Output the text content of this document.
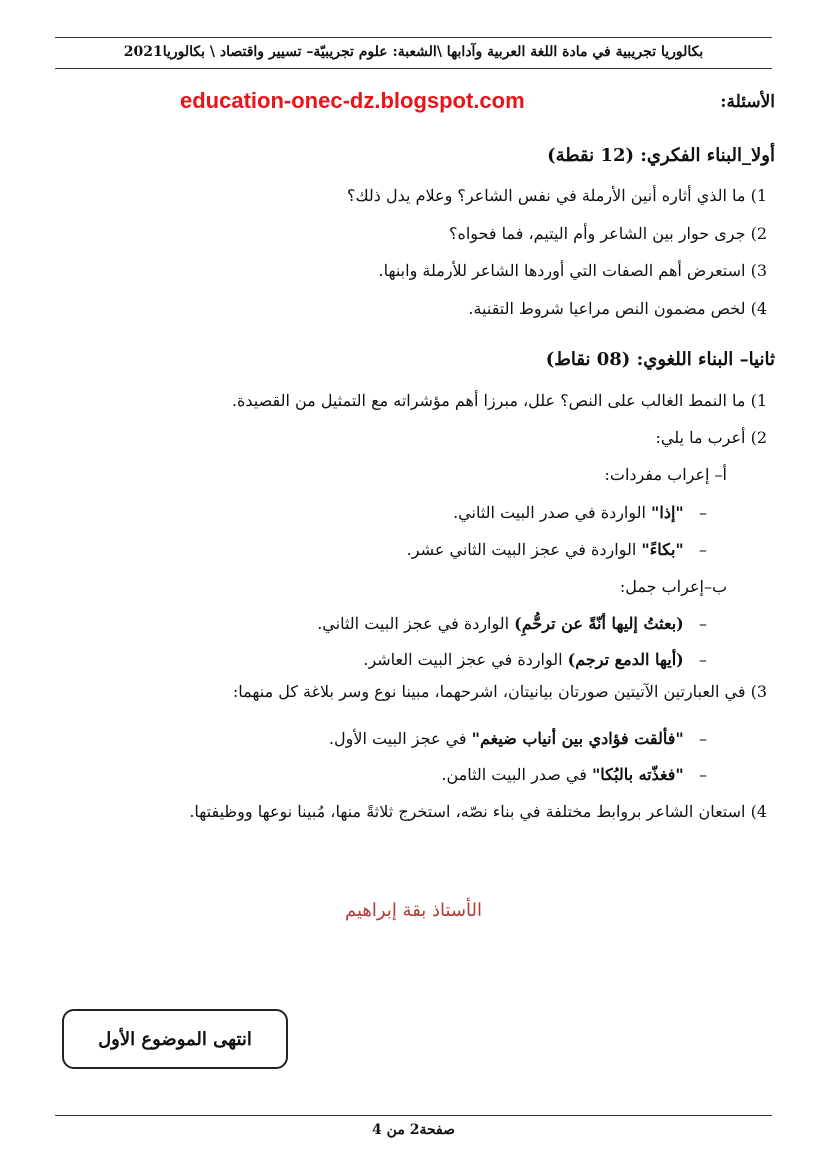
بكالوريا تجريبية في مادة اللغة العربية وآدابها \الشعبة: علوم تجريبيّة– تسيير واقتصاد \ بكالوريا2021
education-onec-dz.blogspot.com	الأسئلة:
أولا_البناء الفكري: (12 نقطة)
1) ما الذي أثاره أنين الأرملة في نفس الشاعر؟ وعلام يدل ذلك؟
2) جرى حوار بين الشاعر وأم اليتيم، فما فحواه؟
3) استعرض أهم الصفات التي أوردها الشاعر للأرملة وابنها.
4) لخص مضمون النص مراعيا شروط التقنية.
ثانيا– البناء اللغوي: (08 نقاط)
1) ما النمط الغالب على النص؟ علل، مبرزا أهم مؤشراته مع التمثيل من القصيدة.
2) أعرب ما يلي:
أ– إعراب مفردات:
–   "إذا" الواردة في صدر البيت الثاني.
–   "بكاءً" الواردة في عجز البيت الثاني عشر.
ب–إعراب جمل:
–   (بعثتُ إليها أنّةً عن ترحُّمِ) الواردة في عجز البيت الثاني.
–   (أيها الدمع ترجم) الواردة في عجز البيت العاشر.
3) في العبارتين الآتيتين صورتان بيانيتان، اشرحهما، مبينا نوع وسر بلاغة كل منهما:
–   "فألقت فؤادي بين أنياب ضيغم" في عجز البيت الأول.
–   "فغذّته بالبُكا" في صدر البيت الثامن.
4) استعان الشاعر بروابط مختلفة في بناء نصّه، استخرج ثلاثةً منها، مُبينا نوعها ووظيفتها.
الأستاذ بقة إبراهيم
انتهى الموضوع الأول
صفحة2 من 4
